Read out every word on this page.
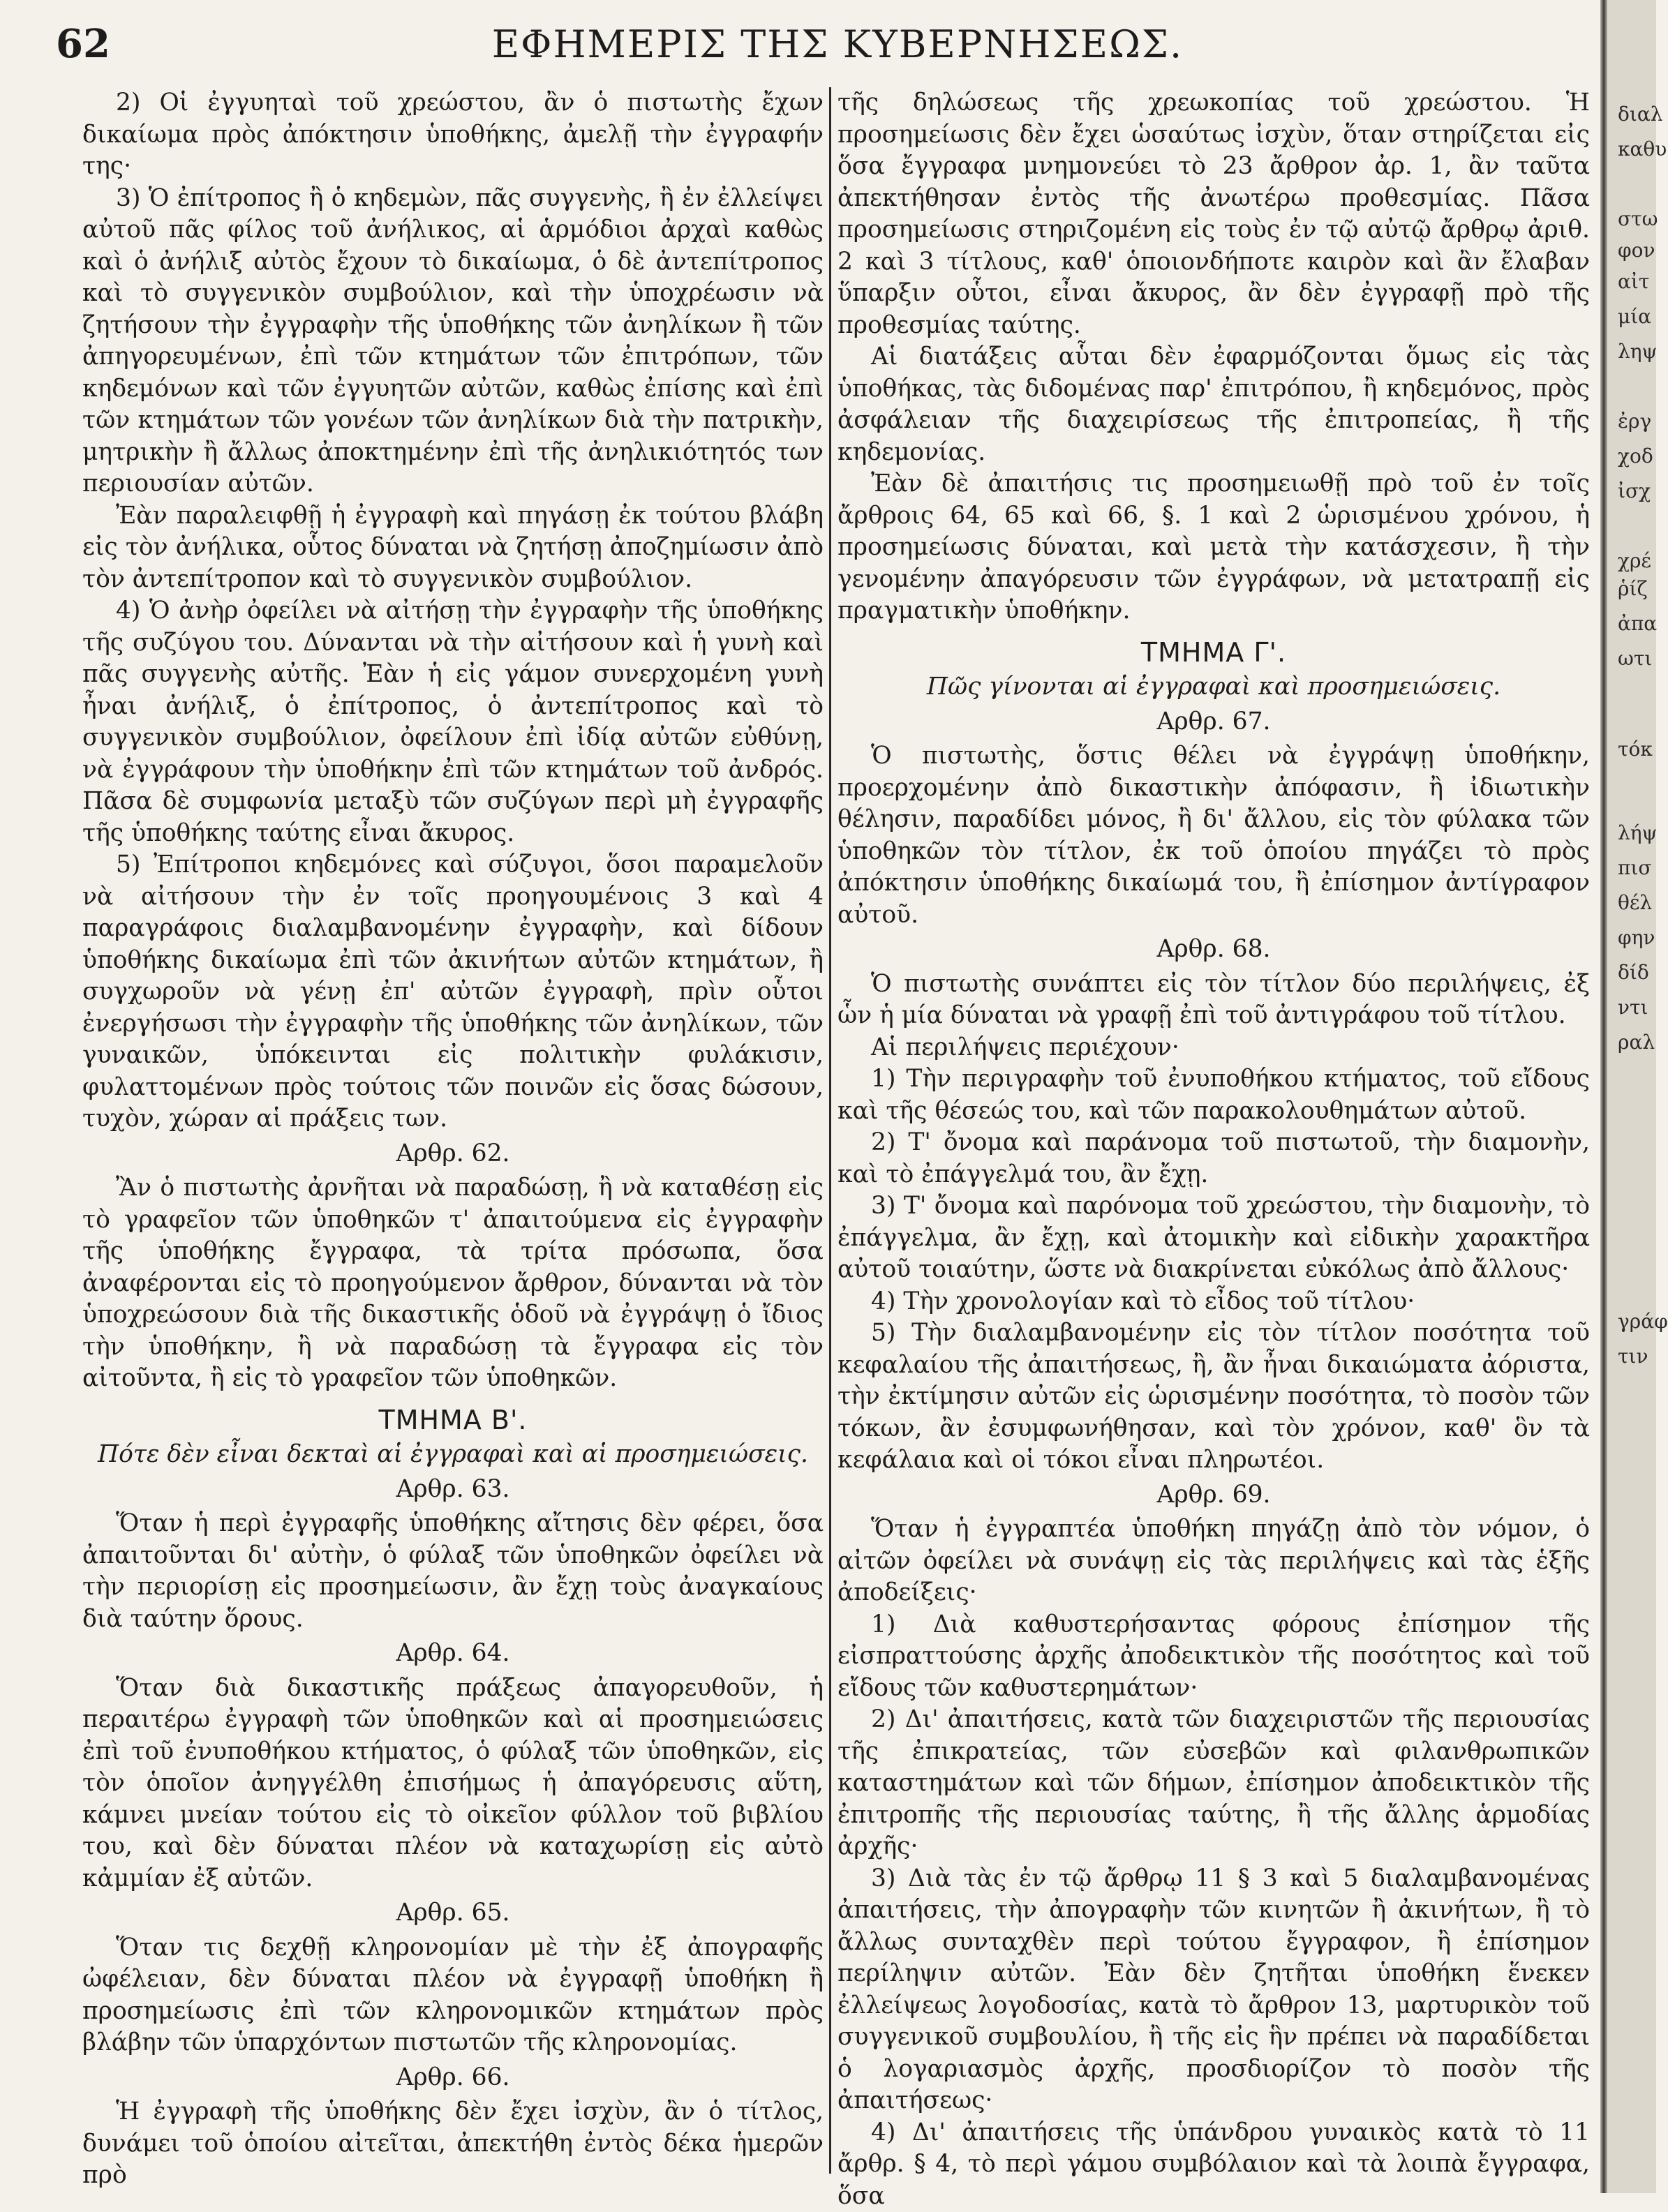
62	ΕΦΗΜΕΡΙΣ ΤΗΣ ΚΥΒΕΡΝΗΣΕΩΣ.

2) Οἱ ἐγγυηταὶ τοῦ χρεώστου, ἂν ὁ πιστωτὴς ἔχων δικαίωμα πρὸς ἀπόκτησιν ὑποθήκης, ἀμελῇ τὴν ἐγγραφήν της·

3) Ὁ ἐπίτροπος ἢ ὁ κηδεμὼν, πᾶς συγγενὴς, ἢ ἐν ἐλλείψει αὐτοῦ πᾶς φίλος τοῦ ἀνήλικος, αἱ ἁρμόδιοι ἀρχαὶ καθὼς καὶ ὁ ἀνήλιξ αὐτὸς ἔχουν τὸ δικαίωμα, ὁ δὲ ἀντεπίτροπος καὶ τὸ συγγενικὸν συμβούλιον, καὶ τὴν ὑποχρέωσιν νὰ ζητήσουν τὴν ἐγγραφὴν τῆς ὑποθήκης τῶν ἀνηλίκων ἢ τῶν ἀπηγορευμένων, ἐπὶ τῶν κτημάτων τῶν ἐπιτρόπων, τῶν κηδεμόνων καὶ τῶν ἐγγυητῶν αὐτῶν, καθὼς ἐπίσης καὶ ἐπὶ τῶν κτημάτων τῶν γονέων τῶν ἀνηλίκων διὰ τὴν πατρικὴν, μητρικὴν ἢ ἄλλως ἀποκτημένην ἐπὶ τῆς ἀνηλικιότητός των περιουσίαν αὐτῶν.

Ἐὰν παραλειφθῇ ἡ ἐγγραφὴ καὶ πηγάσῃ ἐκ τούτου βλάβη εἰς τὸν ἀνήλικα, οὗτος δύναται νὰ ζητήσῃ ἀποζημίωσιν ἀπὸ τὸν ἀντεπίτροπον καὶ τὸ συγγενικὸν συμβούλιον.

4) Ὁ ἀνὴρ ὀφείλει νὰ αἰτήσῃ τὴν ἐγγραφὴν τῆς ὑποθήκης τῆς συζύγου του. Δύνανται νὰ τὴν αἰτήσουν καὶ ἡ γυνὴ καὶ πᾶς συγγενὴς αὐτῆς. Ἐὰν ἡ εἰς γάμον συνερχομένη γυνὴ ἦναι ἀνήλιξ, ὁ ἐπίτροπος, ὁ ἀντεπίτροπος καὶ τὸ συγγενικὸν συμβούλιον, ὀφείλουν ἐπὶ ἰδίᾳ αὐτῶν εὐθύνῃ, νὰ ἐγγράφουν τὴν ὑποθήκην ἐπὶ τῶν κτημάτων τοῦ ἀνδρός. Πᾶσα δὲ συμφωνία μεταξὺ τῶν συζύγων περὶ μὴ ἐγγραφῆς τῆς ὑποθήκης ταύτης εἶναι ἄκυρος.

5) Ἐπίτροποι κηδεμόνες καὶ σύζυγοι, ὅσοι παραμελοῦν νὰ αἰτήσουν τὴν ἐν τοῖς προηγουμένοις 3 καὶ 4 παραγράφοις διαλαμβανομένην ἐγγραφὴν, καὶ δίδουν ὑποθήκης δικαίωμα ἐπὶ τῶν ἀκινήτων αὐτῶν κτημάτων, ἢ συγχωροῦν νὰ γένῃ ἐπ' αὐτῶν ἐγγραφὴ, πρὶν οὗτοι ἐνεργήσωσι τὴν ἐγγραφὴν τῆς ὑποθήκης τῶν ἀνηλίκων, τῶν γυναικῶν, ὑπόκεινται εἰς πολιτικὴν φυλάκισιν, φυλαττομένων πρὸς τούτοις τῶν ποινῶν εἰς ὅσας δώσουν, τυχὸν, χώραν αἱ πράξεις των.

Αρθρ. 62.

Ἂν ὁ πιστωτὴς ἀρνῆται νὰ παραδώσῃ, ἢ νὰ καταθέσῃ εἰς τὸ γραφεῖον τῶν ὑποθηκῶν τ' ἀπαιτούμενα εἰς ἐγγραφὴν τῆς ὑποθήκης ἔγγραφα, τὰ τρίτα πρόσωπα, ὅσα ἀναφέρονται εἰς τὸ προηγούμενον ἄρθρον, δύνανται νὰ τὸν ὑποχρεώσουν διὰ τῆς δικαστικῆς ὁδοῦ νὰ ἐγγράψῃ ὁ ἴδιος τὴν ὑποθήκην, ἢ νὰ παραδώσῃ τὰ ἔγγραφα εἰς τὸν αἰτοῦντα, ἢ εἰς τὸ γραφεῖον τῶν ὑποθηκῶν.

ΤΜΗΜΑ Β'.

Πότε δὲν εἶναι δεκταὶ αἱ ἐγγραφαὶ καὶ αἱ προσημειώσεις.

Αρθρ. 63.

Ὅταν ἡ περὶ ἐγγραφῆς ὑποθήκης αἴτησις δὲν φέρει, ὅσα ἀπαιτοῦνται δι' αὐτὴν, ὁ φύλαξ τῶν ὑποθηκῶν ὀφείλει νὰ τὴν περιορίσῃ εἰς προσημείωσιν, ἂν ἔχῃ τοὺς ἀναγκαίους διὰ ταύτην ὅρους.

Αρθρ. 64.

Ὅταν διὰ δικαστικῆς πράξεως ἀπαγορευθοῦν, ἡ περαιτέρω ἐγγραφὴ τῶν ὑποθηκῶν καὶ αἱ προσημειώσεις ἐπὶ τοῦ ἐνυποθήκου κτήματος, ὁ φύλαξ τῶν ὑποθηκῶν, εἰς τὸν ὁποῖον ἀνηγγέλθη ἐπισήμως ἡ ἀπαγόρευσις αὕτη, κάμνει μνείαν τούτου εἰς τὸ οἰκεῖον φύλλον τοῦ βιβλίου του, καὶ δὲν δύναται πλέον νὰ καταχωρίσῃ εἰς αὐτὸ κἀμμίαν ἐξ αὐτῶν.

Αρθρ. 65.

Ὅταν τις δεχθῇ κληρονομίαν μὲ τὴν ἐξ ἀπογραφῆς ὠφέλειαν, δὲν δύναται πλέον νὰ ἐγγραφῇ ὑποθήκη ἢ προσημείωσις ἐπὶ τῶν κληρονομικῶν κτημάτων πρὸς βλάβην τῶν ὑπαρχόντων πιστωτῶν τῆς κληρονομίας.

Αρθρ. 66.

Ἡ ἐγγραφὴ τῆς ὑποθήκης δὲν ἔχει ἰσχὺν, ἂν ὁ τίτλος, δυνάμει τοῦ ὁποίου αἰτεῖται, ἀπεκτήθη ἐντὸς δέκα ἡμερῶν πρὸ

τῆς δηλώσεως τῆς χρεωκοπίας τοῦ χρεώστου. Ἡ προσημείωσις δὲν ἔχει ὡσαύτως ἰσχὺν, ὅταν στηρίζεται εἰς ὅσα ἔγγραφα μνημονεύει τὸ 23 ἄρθρον ἀρ. 1, ἂν ταῦτα ἀπεκτήθησαν ἐντὸς τῆς ἀνωτέρω προθεσμίας. Πᾶσα προσημείωσις στηριζομένη εἰς τοὺς ἐν τῷ αὐτῷ ἄρθρῳ ἀριθ. 2 καὶ 3 τίτλους, καθ' ὁποιονδήποτε καιρὸν καὶ ἂν ἔλαβαν ὕπαρξιν οὗτοι, εἶναι ἄκυρος, ἂν δὲν ἐγγραφῇ πρὸ τῆς προθεσμίας ταύτης.

Αἱ διατάξεις αὗται δὲν ἐφαρμόζονται ὅμως εἰς τὰς ὑποθήκας, τὰς διδομένας παρ' ἐπιτρόπου, ἢ κηδεμόνος, πρὸς ἀσφάλειαν τῆς διαχειρίσεως τῆς ἐπιτροπείας, ἢ τῆς κηδεμονίας.

Ἐὰν δὲ ἀπαιτήσις τις προσημειωθῇ πρὸ τοῦ ἐν τοῖς ἄρθροις 64, 65 καὶ 66, §. 1 καὶ 2 ὡρισμένου χρόνου, ἡ προσημείωσις δύναται, καὶ μετὰ τὴν κατάσχεσιν, ἢ τὴν γενομένην ἀπαγόρευσιν τῶν ἐγγράφων, νὰ μετατραπῇ εἰς πραγματικὴν ὑποθήκην.

ΤΜΗΜΑ Γ'.

Πῶς γίνονται αἱ ἐγγραφαὶ καὶ προσημειώσεις.

Αρθρ. 67.

Ὁ πιστωτὴς, ὅστις θέλει νὰ ἐγγράψῃ ὑποθήκην, προερχομένην ἀπὸ δικαστικὴν ἀπόφασιν, ἢ ἰδιωτικὴν θέλησιν, παραδίδει μόνος, ἢ δι' ἄλλου, εἰς τὸν φύλακα τῶν ὑποθηκῶν τὸν τίτλον, ἐκ τοῦ ὁποίου πηγάζει τὸ πρὸς ἀπόκτησιν ὑποθήκης δικαίωμά του, ἢ ἐπίσημον ἀντίγραφον αὐτοῦ.

Αρθρ. 68.

Ὁ πιστωτὴς συνάπτει εἰς τὸν τίτλον δύο περιλήψεις, ἐξ ὧν ἡ μία δύναται νὰ γραφῇ ἐπὶ τοῦ ἀντιγράφου τοῦ τίτλου.

Αἱ περιλήψεις περιέχουν·

1) Τὴν περιγραφὴν τοῦ ἐνυποθήκου κτήματος, τοῦ εἴδους καὶ τῆς θέσεώς του, καὶ τῶν παρακολουθημάτων αὐτοῦ.

2) Τ' ὄνομα καὶ παράνομα τοῦ πιστωτοῦ, τὴν διαμονὴν, καὶ τὸ ἐπάγγελμά του, ἂν ἔχῃ.

3) Τ' ὄνομα καὶ παρόνομα τοῦ χρεώστου, τὴν διαμονὴν, τὸ ἐπάγγελμα, ἂν ἔχῃ, καὶ ἀτομικὴν καὶ εἰδικὴν χαρακτῆρα αὐτοῦ τοιαύτην, ὥστε νὰ διακρίνεται εὐκόλως ἀπὸ ἄλλους·

4) Τὴν χρονολογίαν καὶ τὸ εἶδος τοῦ τίτλου·

5) Τὴν διαλαμβανομένην εἰς τὸν τίτλον ποσότητα τοῦ κεφαλαίου τῆς ἀπαιτήσεως, ἢ, ἂν ἦναι δικαιώματα ἀόριστα, τὴν ἐκτίμησιν αὐτῶν εἰς ὡρισμένην ποσότητα, τὸ ποσὸν τῶν τόκων, ἂν ἐσυμφωνήθησαν, καὶ τὸν χρόνον, καθ' ὃν τὰ κεφάλαια καὶ οἱ τόκοι εἶναι πληρωτέοι.

Αρθρ. 69.

Ὅταν ἡ ἐγγραπτέα ὑποθήκη πηγάζῃ ἀπὸ τὸν νόμον, ὁ αἰτῶν ὀφείλει νὰ συνάψῃ εἰς τὰς περιλήψεις καὶ τὰς ἑξῆς ἀποδείξεις·

1) Διὰ καθυστερήσαντας φόρους ἐπίσημον τῆς εἰσπραττούσης ἀρχῆς ἀποδεικτικὸν τῆς ποσότητος καὶ τοῦ εἴδους τῶν καθυστερημάτων·

2) Δι' ἀπαιτήσεις, κατὰ τῶν διαχειριστῶν τῆς περιουσίας τῆς ἐπικρατείας, τῶν εὐσεβῶν καὶ φιλανθρωπικῶν καταστημάτων καὶ τῶν δήμων, ἐπίσημον ἀποδεικτικὸν τῆς ἐπιτροπῆς τῆς περιουσίας ταύτης, ἢ τῆς ἄλλης ἁρμοδίας ἀρχῆς·

3) Διὰ τὰς ἐν τῷ ἄρθρῳ 11 § 3 καὶ 5 διαλαμβανομένας ἀπαιτήσεις, τὴν ἀπογραφὴν τῶν κινητῶν ἢ ἀκινήτων, ἢ τὸ ἄλλως συνταχθὲν περὶ τούτου ἔγγραφον, ἢ ἐπίσημον περίληψιν αὐτῶν. Ἐὰν δὲν ζητῆται ὑποθήκη ἕνεκεν ἐλλείψεως λογοδοσίας, κατὰ τὸ ἄρθρον 13, μαρτυρικὸν τοῦ συγγενικοῦ συμβουλίου, ἢ τῆς εἰς ἣν πρέπει νὰ παραδίδεται ὁ λογαριασμὸς ἀρχῆς, προσδιορίζον τὸ ποσὸν τῆς ἀπαιτήσεως·

4) Δι' ἀπαιτήσεις τῆς ὑπάνδρου γυναικὸς κατὰ τὸ 11 ἄρθρ. § 4, τὸ περὶ γάμου συμβόλαιον καὶ τὰ λοιπὰ ἔγγραφα, ὅσα

διαλ
καθυ
στω
φον
αἰτ
μία
ληψ
ἐργ
χοδ
ἰσχ
χρέ
ῥίζ
ἀπα
ωτι
τόκ
λήψ
πισ
θέλ
φην
δίδ
ντι
ραλ
γράφ
τιν
